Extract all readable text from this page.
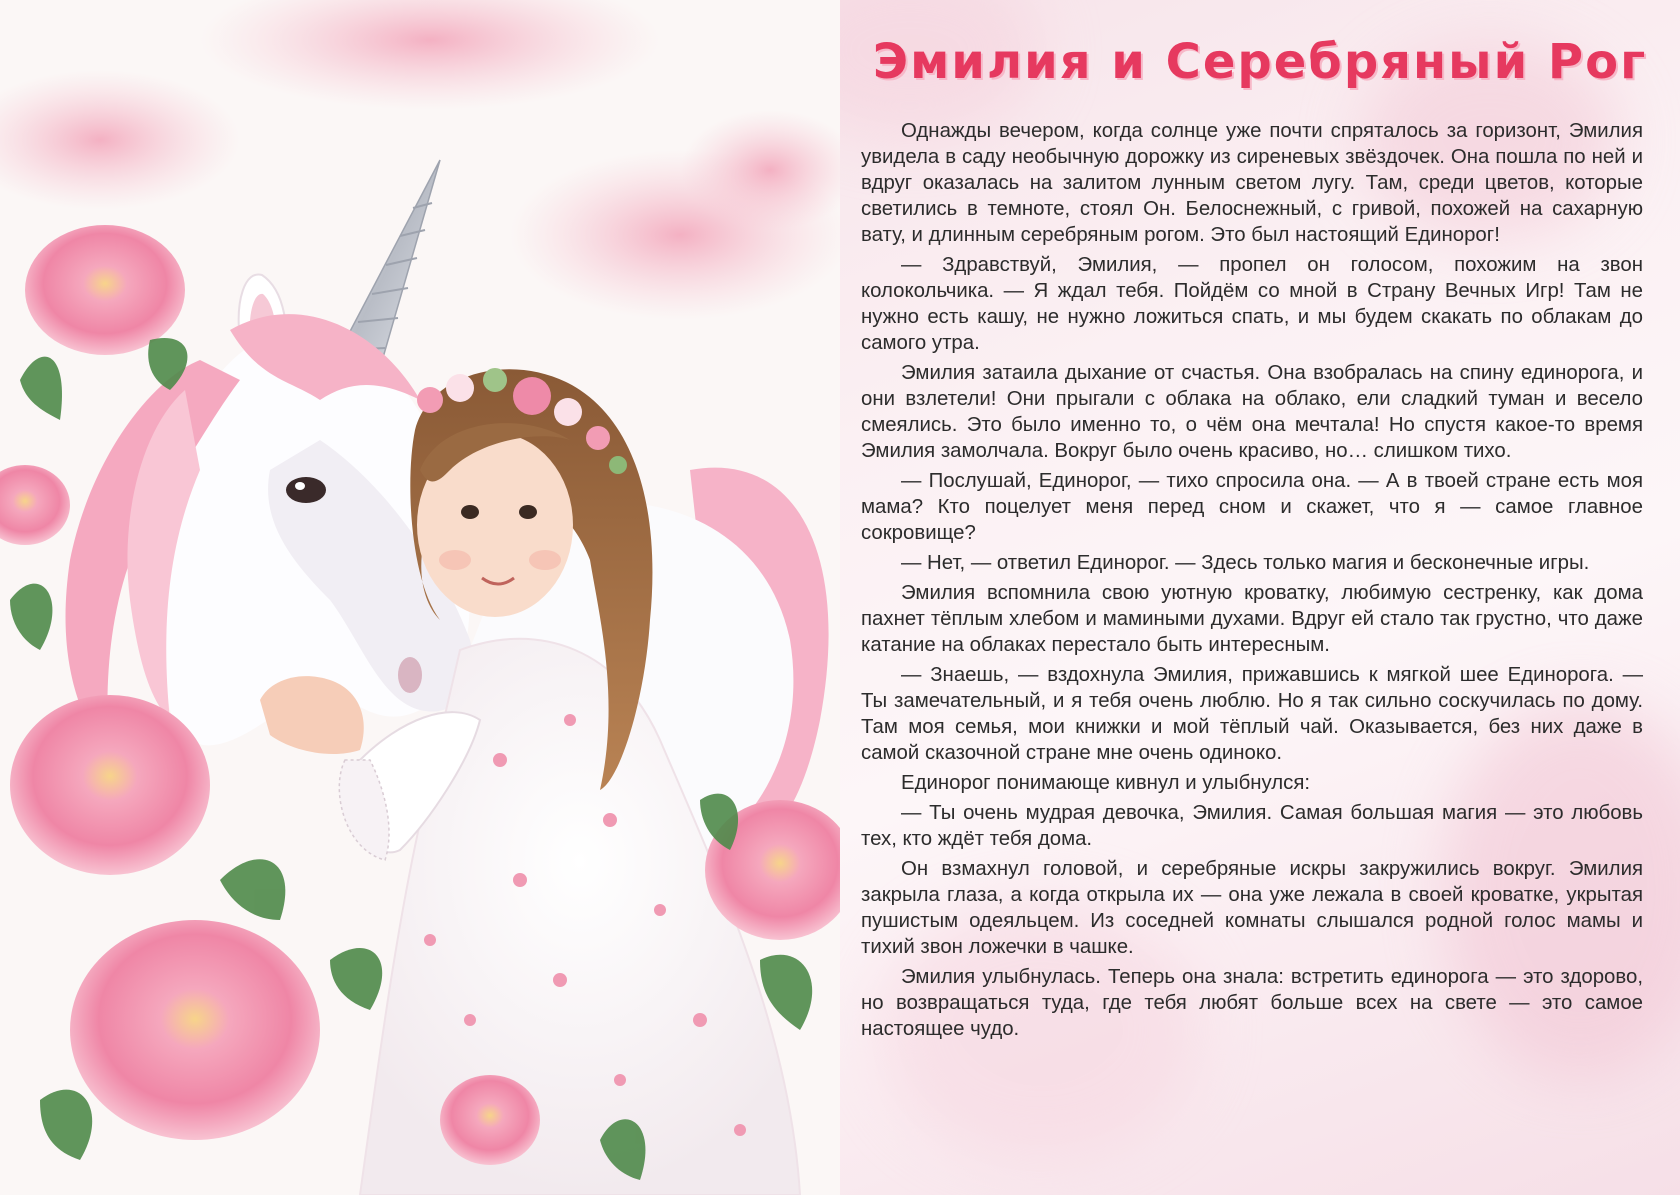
Эмилия и Серебряный Рог

Однажды вечером, когда солнце уже почти спряталось за горизонт, Эмилия увидела в саду необычную дорожку из сиреневых звёздочек. Она пошла по ней и вдруг оказалась на залитом лунным светом лугу. Там, среди цветов, которые светились в темноте, стоял Он. Белоснежный, с гривой, похожей на сахарную вату, и длинным серебряным рогом. Это был настоящий Единорог!

— Здравствуй, Эмилия, — пропел он голосом, похожим на звон колокольчика. — Я ждал тебя. Пойдём со мной в Страну Вечных Игр! Там не нужно есть кашу, не нужно ложиться спать, и мы будем скакать по облакам до самого утра.

Эмилия затаила дыхание от счастья. Она взобралась на спину единорога, и они взлетели! Они прыгали с облака на облако, ели сладкий туман и весело смеялись. Это было именно то, о чём она мечтала! Но спустя какое-то время Эмилия замолчала. Вокруг было очень красиво, но… слишком тихо.

— Послушай, Единорог, — тихо спросила она. — А в твоей стране есть моя мама? Кто поцелует меня перед сном и скажет, что я — самое главное сокровище?

— Нет, — ответил Единорог. — Здесь только магия и бесконечные игры.

Эмилия вспомнила свою уютную кроватку, любимую сестренку, как дома пахнет тёплым хлебом и мамиными духами. Вдруг ей стало так грустно, что даже катание на облаках перестало быть интересным.

— Знаешь, — вздохнула Эмилия, прижавшись к мягкой шее Единорога. — Ты замечательный, и я тебя очень люблю. Но я так сильно соскучилась по дому. Там моя семья, мои книжки и мой тёплый чай. Оказывается, без них даже в самой сказочной стране мне очень одиноко.

Единорог понимающе кивнул и улыбнулся:

— Ты очень мудрая девочка, Эмилия. Самая большая магия — это любовь тех, кто ждёт тебя дома.

Он взмахнул головой, и серебряные искры закружились вокруг. Эмилия закрыла глаза, а когда открыла их — она уже лежала в своей кроватке, укрытая пушистым одеяльцем. Из соседней комнаты слышался родной голос мамы и тихий звон ложечки в чашке.

Эмилия улыбнулась. Теперь она знала: встретить единорога — это здорово, но возвращаться туда, где тебя любят больше всех на свете — это самое настоящее чудо.
